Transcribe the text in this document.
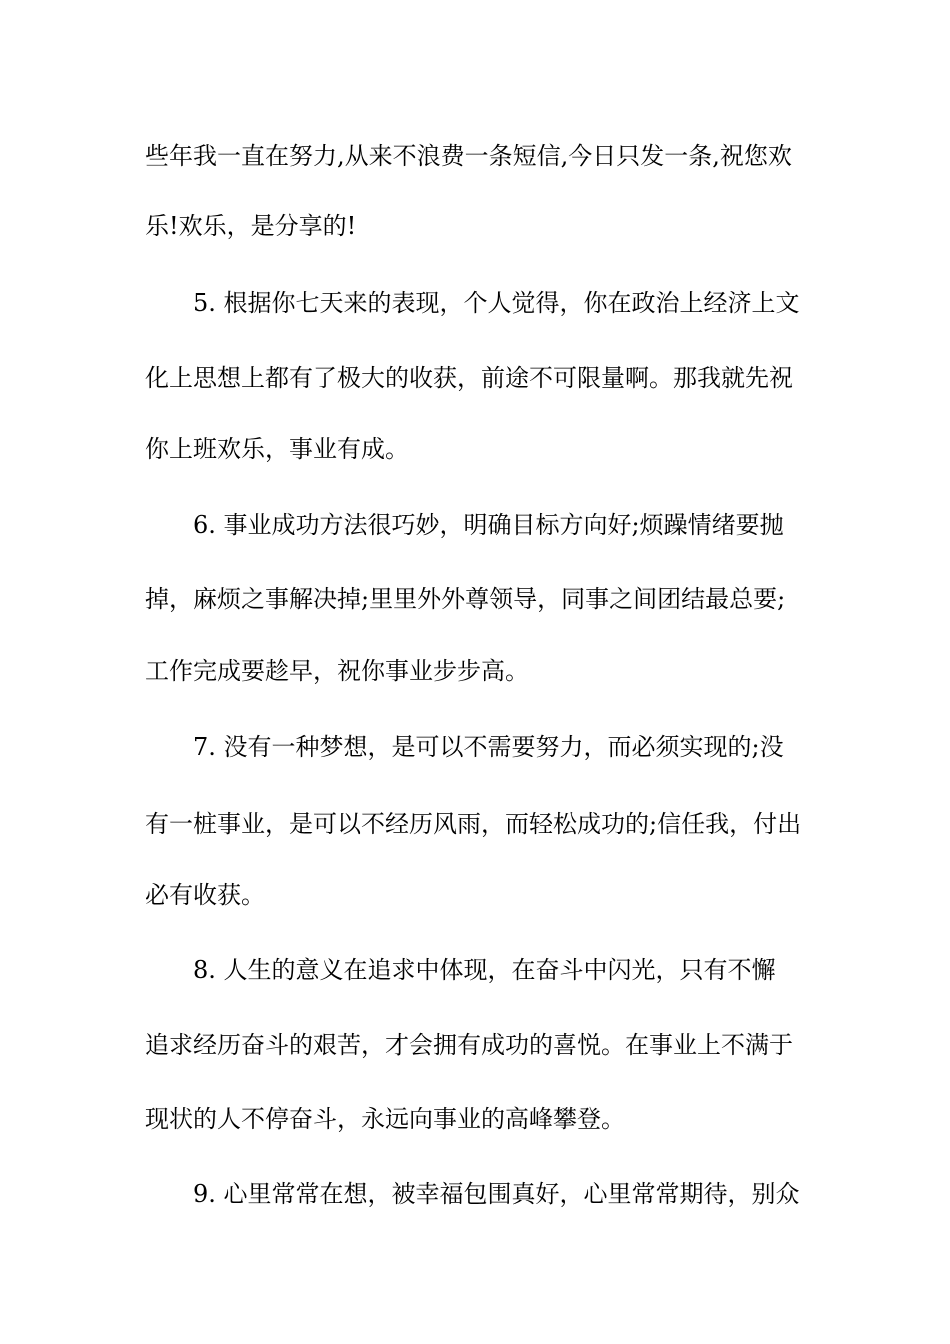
些年我一直在努力,从来不浪费一条短信,今日只发一条,祝您欢
乐!欢乐，是分享的!
5. 根据你七天来的表现，个人觉得，你在政治上经济上文
化上思想上都有了极大的收获，前途不可限量啊。那我就先祝
你上班欢乐，事业有成。
6. 事业成功方法很巧妙，明确目标方向好;烦躁情绪要抛
掉，麻烦之事解决掉;里里外外尊领导，同事之间团结最总要;
工作完成要趁早，祝你事业步步高。
7. 没有一种梦想，是可以不需要努力，而必须实现的;没
有一桩事业，是可以不经历风雨，而轻松成功的;信任我，付出
必有收获。
8. 人生的意义在追求中体现，在奋斗中闪光，只有不懈
追求经历奋斗的艰苦，才会拥有成功的喜悦。在事业上不满于
现状的人不停奋斗，永远向事业的高峰攀登。
9. 心里常常在想，被幸福包围真好，心里常常期待，别众
